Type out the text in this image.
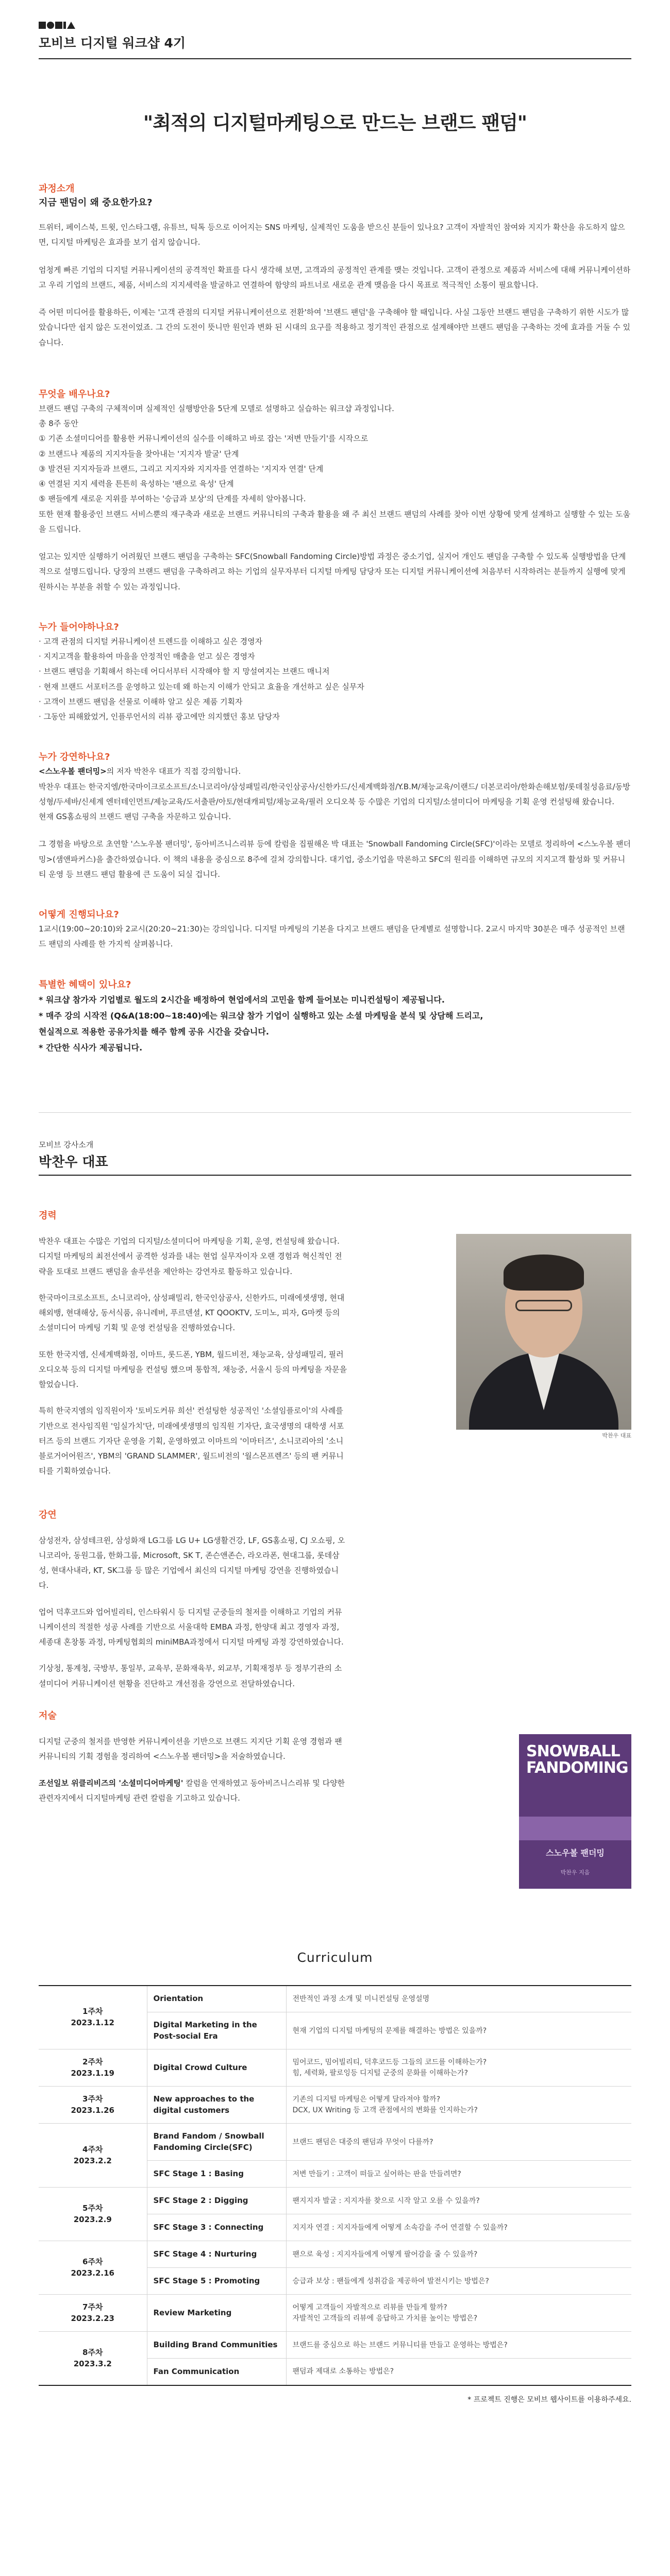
모비브 디지털 워크샵 4기
"최적의 디지털마케팅으로 만드는 브랜드 팬덤"
과정소개
지금 팬덤이 왜 중요한가요?

트위터, 페이스북, 트윗, 인스타그램, 유튜브, 틱톡 등으로 이어지는 SNS 마케팅, 실제적인 도움을 받으신 분들이 있나요? 고객이 자발적인 참여와 지지가 확산을 유도하지 않으면, 디지털 마케팅은 효과를 보기 쉽지 않습니다.

엄청게 빠른 기업의 디지털 커뮤니케이션의 공격적인 확표를 다시 생각해 보면, 고객과의 공정적인 관계를 맺는 것입니다. 고객이 관정으로 제품과 서비스에 대해 커뮤니케이션하고 우리 기업의 브랜드, 제품, 서비스의 지지세력을 발굴하고 연결하여 함양의 파트너로 새로운 관계 맺음을 다시 목표로 적극적인 소통이 필요합니다.

즉 어떤 미디어를 활용하든, 이제는 '고객 관점의 디지털 커뮤니케이션으로 전환'하여 '브랜드 팬덤'을 구축해야 할 때입니다. 사실 그동안 브랜드 팬덤을 구축하기 위한 시도가 많았습니다만 쉽지 않은 도전이었죠. 그 간의 도전이 뜻니만 원인과 변화 된 시대의 요구를 적용하고 정기적인 관점으로 설계해야만 브랜드 팬덤을 구축하는 것에 효과를 거둘 수 있습니다.

무엇을 배우나요?

브랜드 팬덤 구축의 구체적이며 실제적인 실행방안을 5단계 모델로 설명하고 실습하는 워크샵 과정입니다.

총 8주 동안

① 기존 소셜미디어를 활용한 커뮤니케이션의 실수를 이해하고 바로 잡는 '저변 만들기'를 시작으로
② 브랜드나 제품의 지지자들을 찾아내는 '지지자 발굴' 단계
③ 발견된 지지자들과 브랜드, 그리고 지지자와 지지자를 연결하는 '지지자 연결' 단계
④ 연결된 지지 세력을 튼튼히 육성하는 '팬으로 육성' 단계
⑤ 팬들에게 새로운 지위를 부여하는 '승급과 보상'의 단계를 자세히 알아봅니다.

또한 현재 활용중인 브랜드 서비스뿐의 재구축과 새로운 브랜드 커뮤니티의 구축과 활용을 왜 주 최신 브랜드 팬덤의 사례를 찾아 이번 상황에 맞게 설계하고 실행할 수 있는 도움을 드립니다.

얼고는 있지만 실행하기 어려웠던 브랜드 팬덤을 구축하는 SFC(Snowball Fandoming Circle)방법 과정은 중소기업, 실지어 개인도 팬덤을 구축할 수 있도록 실행방법을 단계적으로 설명드립니다. 당장의 브랜드 팬덤을 구축하려고 하는 기업의 실무자부터 디지털 마케팅 담당자 또는 디지털 커뮤니케이션에 처음부터 시작하려는 분들까지 실행에 맞게 원하시는 부분을 취할 수 있는 과정입니다.

누가 들어야하나요?
· 고객 관점의 디지털 커뮤니케이션 트렌드를 이해하고 싶은 경영자
· 지지고객을 활용하여 마을을 안정적인 매출을 얻고 싶은 경영자
· 브랜드 팬덤을 기획해서 하는데 어디서부터 시작해야 할 지 망설여지는 브랜드 매니저
· 현재 브랜드 서포터즈를 운영하고 있는데 왜 하는지 이해가 안되고 효율을 개선하고 싶은 실무자
· 고객이 브랜드 팬덤을 선물로 이해하 알고 싶은 제품 기획자
· 그동안 피해왔었거, 인플루언서의 리뷰 광고에만 의지했던 홍보 담당자
누가 강연하나요?

<스노우볼 팬더밍>의 저자 박찬우 대표가 직접 강의합니다.

박찬우 대표는 한국지엠/한국마이크로소프트/소니코리아/삼성패밀리/한국인삼공사/신한카드/신세계백화점/Y.B.M/채능교육/이랜드/ 더본코리아/한화손해보험/롯데칠성음료/동방성형/두세바/신세계 엔터테인먼트/제능교육/도서출판/아토/현대캐피털/채능교육/필러 오디오북 등 수많은 기업의 디지털/소셜미디어 마케팅을 기획 운영 컨설팅해 왔습니다.

현재 GS홈쇼핑의 브랜드 팬덤 구축을 자문하고 있습니다.

그 경험을 바탕으로 초연할 '스노우볼 팬더밍', 동아비즈니스리뷰 등에 칼럼을 집필해온 박 대표는 'Snowball Fandoming Circle(SFC)'이라는 모델로 정리하여 <스노우볼 팬더밍>(샘앤파커스)을 출간하였습니다. 이 책의 내용을 중심으로 8주에 걸쳐 강의합니다. 대기업, 중소기업을 막론하고 SFC의 원리를 이해하면 규모의 지지고객 활성화 및 커뮤니티 운영 등 브랜드 팬덤 활용에 큰 도움이 되실 겁니다.

어떻게 진행되나요?

1교시(19:00~20:10)와 2교시(20:20~21:30)는 강의입니다. 디지털 마케팅의 기본을 다지고 브랜드 팬덤을 단계별로 설명합니다. 2교시 마지막 30분은 매주 성공적인 브랜드 팬덤의 사례를 한 가지씩 살펴봅니다.

특별한 혜택이 있나요?

* 워크샵 참가자 기업별로 월도의 2시간을 배정하여 현업에서의 고민을 함께 들어보는 미니컨설팅이 제공됩니다.

* 매주 강의 시작전 (Q&A(18:00~18:40)에는 워크샵 참가 기업이 실행하고 있는 소셜 마케팅을 분석 및 상담해 드리고,

현실적으로 적용한 공유가치를 해주 함께 공유 시간을 갖습니다.

* 간단한 식사가 제공됩니다.

모비브 강사소개
박찬우 대표
경력

박찬우 대표는 수많은 기업의 디지털/소셜미디어 마케팅을 기획, 운영, 컨설팅해 왔습니다. 디지털 마케팅의 최전선에서 공격한 성과를 내는 현업 실무자이자 오랜 경험과 혁신적인 전략을 토대로 브랜드 팬덤을 솔루션을 제안하는 강연자로 활동하고 있습니다.

한국마이크로소프트, 소니코리아, 삼성패밀리, 한국인삼공사, 신한카드, 미래에셋생명, 현대해외뱅, 현대해상, 동서식품, 유니레버, 푸르덴셜, KT QOOKTV, 도미노, 피자, G마켓 등의 소셜미디어 마케팅 기획 및 운영 컨설팅을 진행하였습니다.

또한 한국지엠, 신세계백화점, 이마트, 롯드폰, YBM, 월드비전, 채능교육, 삼성패밀리, 필러 오디오북 등의 디지털 마케팅을 컨설팅 했으며 통합적, 채능중, 서울시 등의 마케팅을 자문을 할었습니다.

특히 한국지엠의 임직원이자 '토비도커뮤 희선' 컨설팅한 성공적인 '소셜임플로이'의 사례를 기반으로 전사임직원 '임실가치'단, 미래에셋생명의 임직원 기자단, 효국생명의 대학생 서포터즈 등의 브랜드 기자단 운영을 기획, 운영하였고 이마트의 '이마터즈', 소니코리아의 '소니블로거어어원즈', YBM의 'GRAND SLAMMER', 월드비전의 '월스몬프렌즈' 등의 팬 커뮤니티를 기획하였습니다.

박찬우 대표
강연

삼성전자, 삼성테크윈, 삼성화재 LG그룹 LG U+ LG생활건강, LF, GS홈쇼핑, CJ 오쇼핑, 오니코리아, 동원그룹, 한화그룹, Microsoft, SK T, 존슨앤존슨, 라오라폰, 현대그룹, 롯데삼성, 현대사내라, KT, SK그룹 등 많은 기업에서 최신의 디지털 마케팅 강연을 진행하였습니다.

업어 덕후코드와 업어빌리티, 인스타워시 등 디지털 군중들의 철저를 이해하고 기업의 커뮤니케이션의 적절한 성공 사례를 기반으로 서울대학 EMBA 과정, 한양대 최고 경영자 과정, 세종대 혼창통 과정, 마케팅협회의 miniMBA과정에서 디지털 마케팅 과정 강연하였습니다.

기상청, 통계청, 국방부, 통일부, 교육부, 문화재육부, 외교부, 기획재정부 등 정부기관의 소셜미디어 커뮤니케이션 현황을 진단하고 개선점을 강연으로 전달하였습니다.

저술

디지털 군중의 철저를 반영한 커뮤니케이션을 기반으로 브랜드 지지단 기획 운영 경험과 팬 커뮤니티의 기획 경험을 정리하여 <스노우볼 팬더밍>을 저술하였습니다.

조선일보 위클리비즈의 '소셜미디어마케팅' 칼럼을 연재하였고 동아비즈니스리뷰 및 다양한 관련자지에서 디지털마케팅 관련 칼럼을 기고하고 있습니다.

SNOWBALL
FANDOMING
스노우볼 팬더밍
박찬우 지음
Curriculum
1주차
2023.1.12	Orientation	전반적인 과정 소개 및 미니컨설팅 운영설명
	Digital Marketing in the Post-social Era	현재 기업의 디지털 마케팅의 문제를 해결하는 방법은 있을까?

2주차
2023.1.19	Digital Crowd Culture	밈어코드, 밈어빌리티, 덕후코드등 그들의 코드를 이해하는가?
힘, 세력화, 팔로잉등 디지털 군중의 문화를 이해하는가?

3주차
2023.1.26	New approaches to the digital customers	기존의 디지털 마케팅은 어떻게 달라져야 할까?
DCX, UX Writing 등 고객 관점에서의 변화를 인지하는가?

4주차
2023.2.2	Brand Fandom / Snowball Fandoming Circle(SFC)	브랜드 팬덤은 대중의 팬덤과 무엇이 다를까?
	SFC Stage 1 : Basing	저변 만들기 : 고객이 떠들고 싶어하는 판을 만들려면?

5주차
2023.2.9	SFC Stage 2 : Digging	팬지지자 발굴 : 지지자를 찾으로 시작 알고 오를 수 있을까?
	SFC Stage 3 : Connecting	지지자 연결 : 지지자들에게 어떻게 소속감을 주어 연결할 수 있을까?

6주차
2023.2.16	SFC Stage 4 : Nurturing	팬으로 육성 : 지지자들에게 어떻게 팔어감을 줄 수 있을까?
	SFC Stage 5 : Promoting	승급과 보상 : 팬들에게 성취감을 제공하여 발전시키는 방법은?

7주차
2023.2.23	Review Marketing	어떻게 고객들이 자발적으로 리뷰를 만들게 할까?
자발적인 고객들의 리뷰에 응답하고 가치를 높이는 방법은?

8주차
2023.3.2	Building Brand Communities	브랜드를 중심으로 하는 브랜드 커뮤니티를 만들고 운영하는 방법은?
	Fan Communication	팬덤과 제대로 소통하는 방법은?
* 프로젝트 진행은 모비브 웹사이트를 이용하주세요.
